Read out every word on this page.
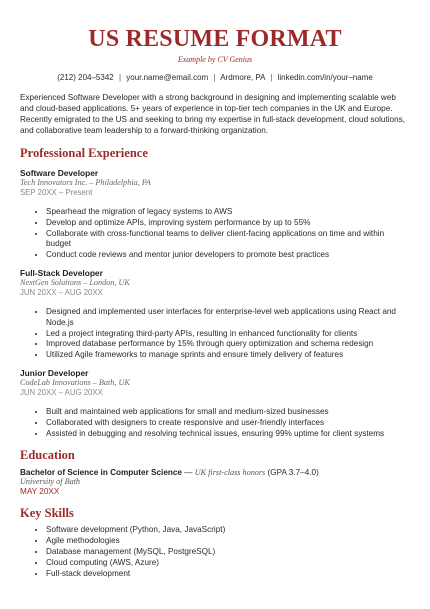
US RESUME FORMAT
Example by CV Genius
(212) 204–5342 | your.name@email.com | Ardmore, PA | linkedin.com/in/your–name
Experienced Software Developer with a strong background in designing and implementing scalable web and cloud-based applications. 5+ years of experience in top-tier tech companies in the UK and Europe. Recently emigrated to the US and seeking to bring my expertise in full-stack development, cloud solutions, and collaborative team leadership to a forward-thinking organization.
Professional Experience
Software Developer
Tech Innovators Inc. – Philadelphia, PA
SEP 20XX – Present
• Spearhead the migration of legacy systems to AWS
• Develop and optimize APIs, improving system performance by up to 55%
• Collaborate with cross-functional teams to deliver client-facing applications on time and within budget
• Conduct code reviews and mentor junior developers to promote best practices
Full-Stack Developer
NextGen Solutions – London, UK
JUN 20XX – AUG 20XX
• Designed and implemented user interfaces for enterprise-level web applications using React and Node.js
• Led a project integrating third-party APIs, resulting in enhanced functionality for clients
• Improved database performance by 15% through query optimization and schema redesign
• Utilized Agile frameworks to manage sprints and ensure timely delivery of features
Junior Developer
CodeLab Innovations – Bath, UK
JUN 20XX – AUG 20XX
• Built and maintained web applications for small and medium-sized businesses
• Collaborated with designers to create responsive and user-friendly interfaces
• Assisted in debugging and resolving technical issues, ensuring 99% uptime for client systems
Education
Bachelor of Science in Computer Science — UK first-class honors (GPA 3.7–4.0)
University of Bath
MAY 20XX
Key Skills
• Software development (Python, Java, JavaScript)
• Agile methodologies
• Database management (MySQL, PostgreSQL)
• Cloud computing (AWS, Azure)
• Full-stack development
